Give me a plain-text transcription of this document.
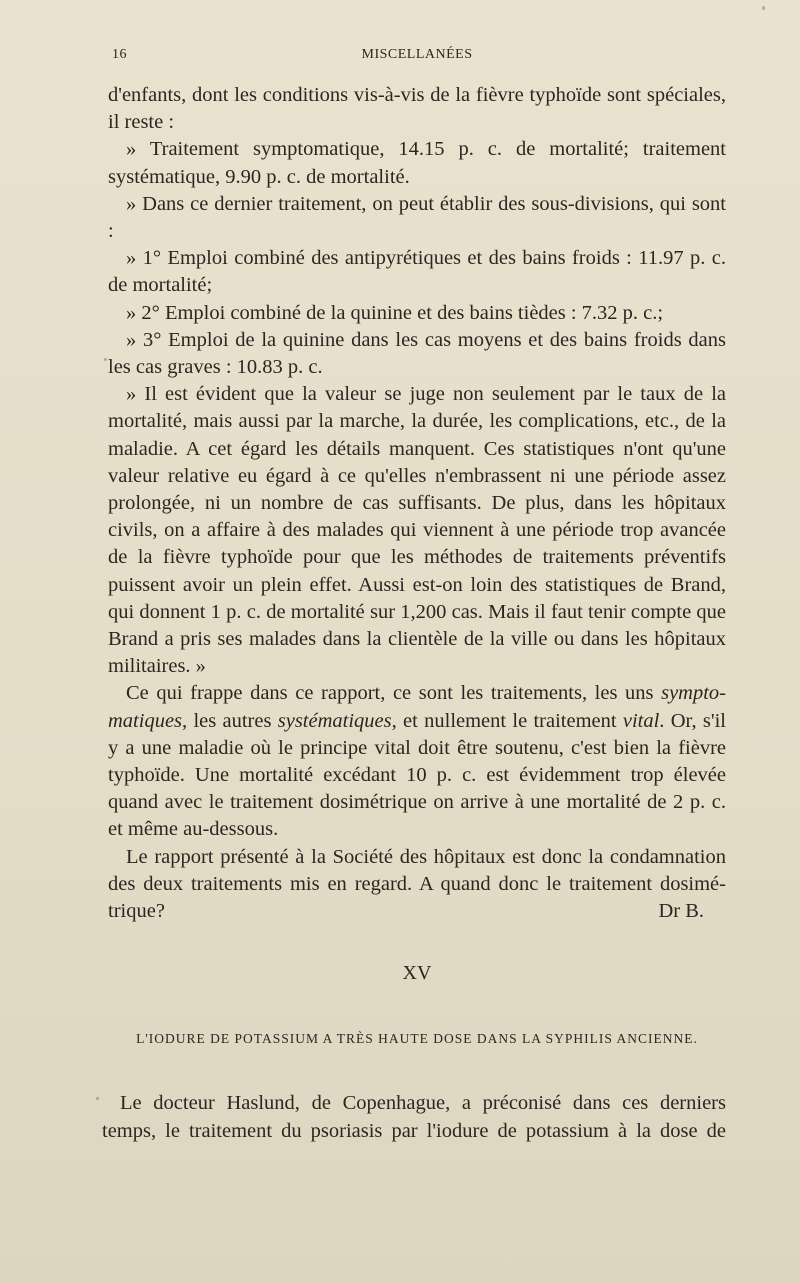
16	MISCELLANÉES

d'enfants, dont les conditions vis-à-vis de la fièvre typhoïde sont spéciales, il reste :

» Traitement symptomatique, 14.15 p. c. de mortalité; traitement systématique, 9.90 p. c. de mortalité.

» Dans ce dernier traitement, on peut établir des sous-divisions, qui sont :

» 1° Emploi combiné des antipyrétiques et des bains froids : 11.97 p. c. de mortalité;

» 2° Emploi combiné de la quinine et des bains tièdes : 7.32 p. c.;

» 3° Emploi de la quinine dans les cas moyens et des bains froids dans les cas graves : 10.83 p. c.

» Il est évident que la valeur se juge non seulement par le taux de la mortalité, mais aussi par la marche, la durée, les complications, etc., de la maladie. A cet égard les détails manquent. Ces statistiques n'ont qu'une valeur relative eu égard à ce qu'elles n'embrassent ni une période assez prolongée, ni un nombre de cas suffisants. De plus, dans les hôpitaux civils, on a affaire à des malades qui viennent à une période trop avancée de la fièvre typhoïde pour que les méthodes de traitements préventifs puissent avoir un plein effet. Aussi est-on loin des statistiques de Brand, qui donnent 1 p. c. de mortalité sur 1,200 cas. Mais il faut tenir compte que Brand a pris ses malades dans la clientèle de la ville ou dans les hôpitaux militaires. »

Ce qui frappe dans ce rapport, ce sont les traitements, les uns sympto-matiques, les autres systématiques, et nullement le traitement vital. Or, s'il y a une maladie où le principe vital doit être soutenu, c'est bien la fièvre typhoïde. Une mortalité excédant 10 p. c. est évidemment trop élevée quand avec le traitement dosimétrique on arrive à une mortalité de 2 p. c. et même au-dessous.

Le rapport présenté à la Société des hôpitaux est donc la condamnation des deux traitements mis en regard. A quand donc le traitement dosimé-

trique?	Dr B.
XV
L'IODURE DE POTASSIUM A TRÈS HAUTE DOSE DANS LA SYPHILIS ANCIENNE.

Le docteur Haslund, de Copenhague, a préconisé dans ces derniers temps, le traitement du psoriasis par l'iodure de potassium à la dose de
